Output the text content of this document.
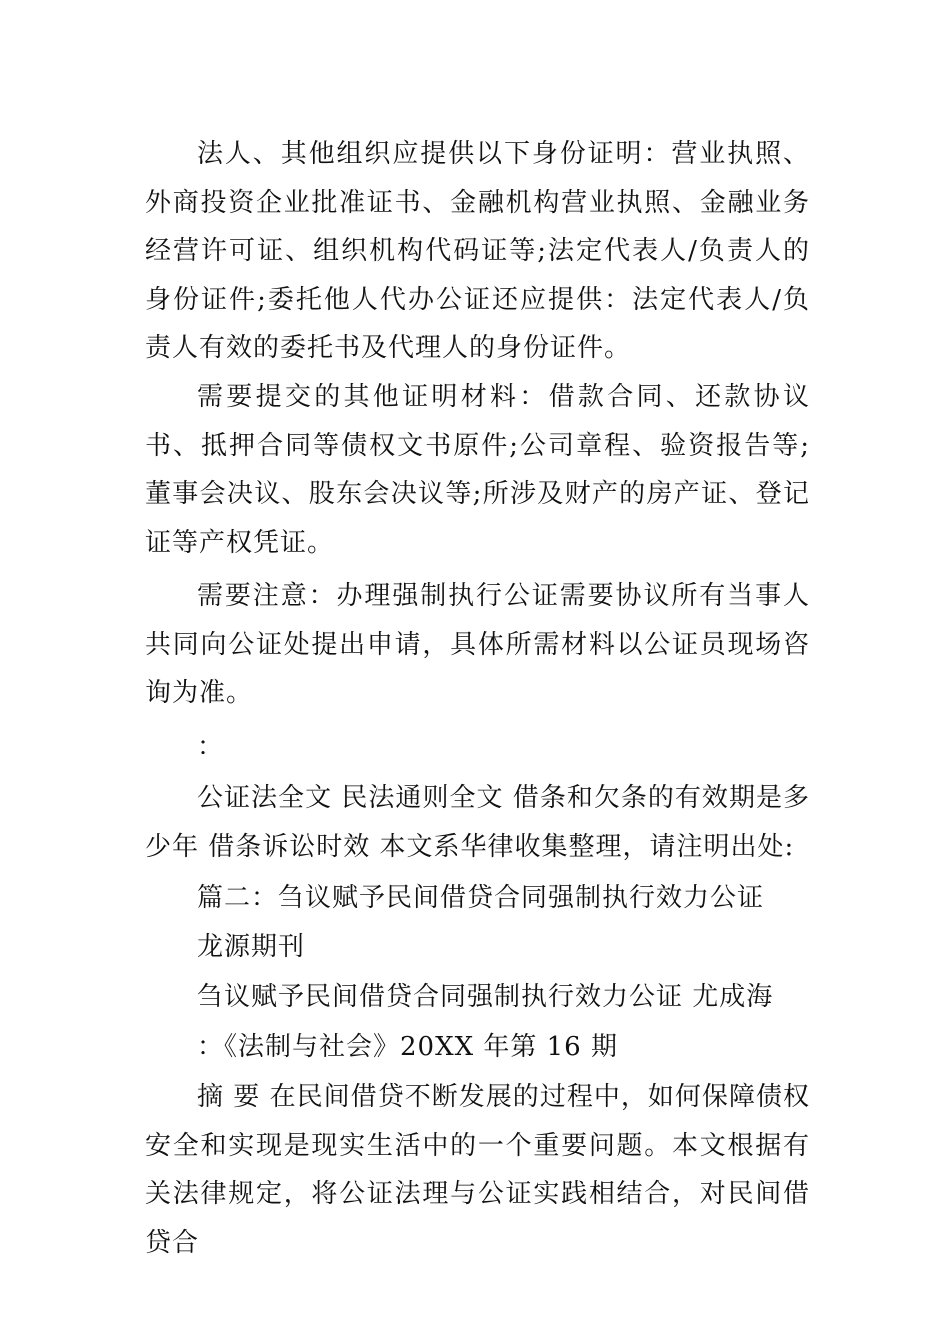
法人、其他组织应提供以下身份证明：营业执照、外商投资企业批准证书、金融机构营业执照、金融业务经营许可证、组织机构代码证等;法定代表人/负责人的身份证件;委托他人代办公证还应提供：法定代表人/负责人有效的委托书及代理人的身份证件。

需要提交的其他证明材料：借款合同、还款协议书、抵押合同等债权文书原件;公司章程、验资报告等;董事会决议、股东会决议等;所涉及财产的房产证、登记证等产权凭证。

需要注意：办理强制执行公证需要协议所有当事人共同向公证处提出申请，具体所需材料以公证员现场咨询为准。

：

公证法全文 民法通则全文 借条和欠条的有效期是多少年 借条诉讼时效 本文系华律收集整理，请注明出处:

篇二：刍议赋予民间借贷合同强制执行效力公证

龙源期刊

刍议赋予民间借贷合同强制执行效力公证 尤成海

：《法制与社会》20XX 年第 16 期

摘 要 在民间借贷不断发展的过程中，如何保障债权安全和实现是现实生活中的一个重要问题。本文根据有关法律规定，将公证法理与公证实践相结合，对民间借贷合
